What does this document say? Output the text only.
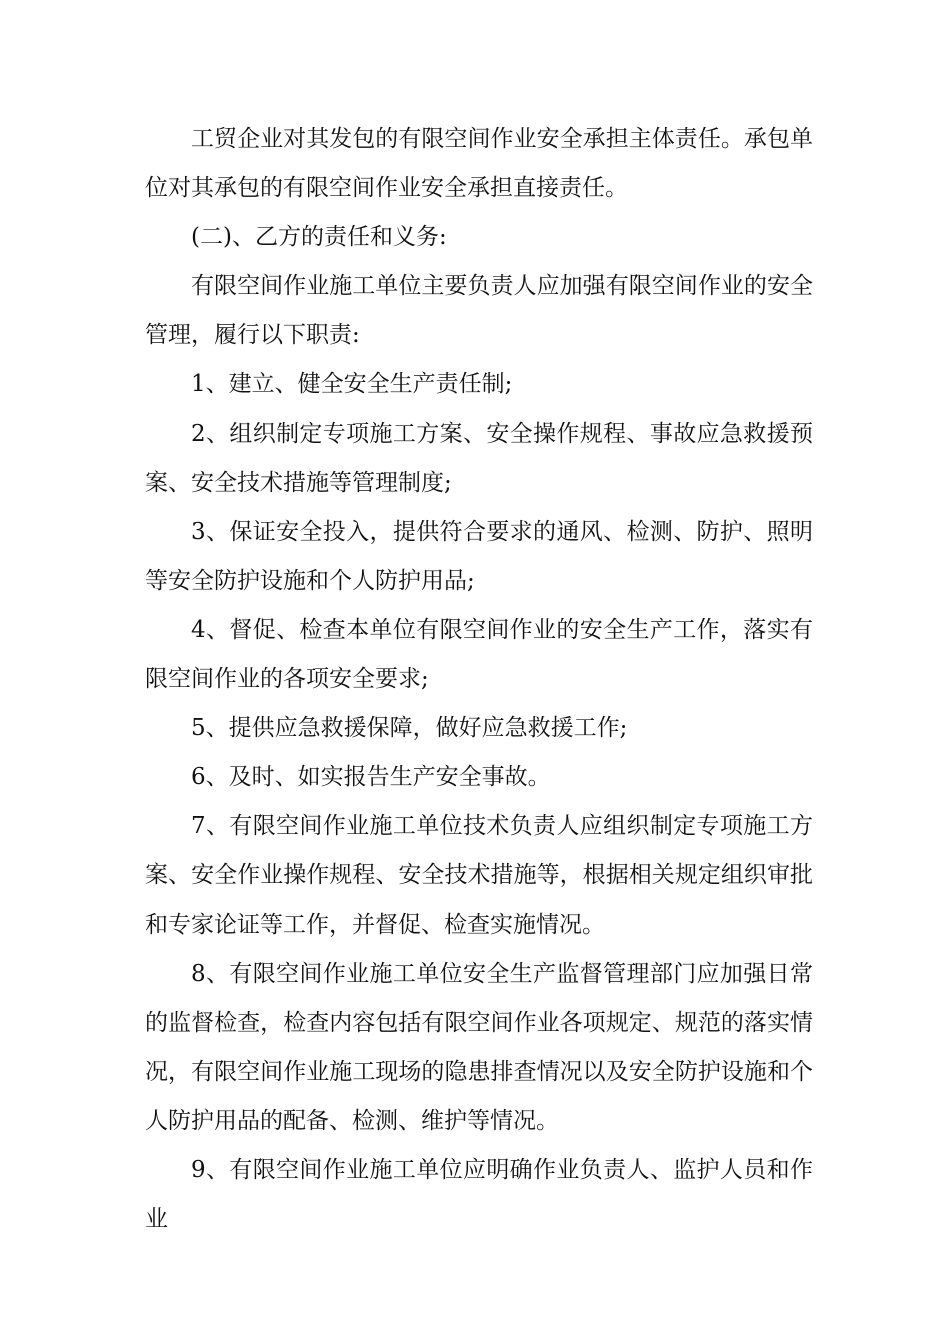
工贸企业对其发包的有限空间作业安全承担主体责任。承包单位对其承包的有限空间作业安全承担直接责任。

(二)、乙方的责任和义务:

有限空间作业施工单位主要负责人应加强有限空间作业的安全管理，履行以下职责:

1、建立、健全安全生产责任制;

2、组织制定专项施工方案、安全操作规程、事故应急救援预案、安全技术措施等管理制度;

3、保证安全投入，提供符合要求的通风、检测、防护、照明等安全防护设施和个人防护用品;

4、督促、检查本单位有限空间作业的安全生产工作，落实有限空间作业的各项安全要求;

5、提供应急救援保障，做好应急救援工作;

6、及时、如实报告生产安全事故。

7、有限空间作业施工单位技术负责人应组织制定专项施工方案、安全作业操作规程、安全技术措施等，根据相关规定组织审批和专家论证等工作，并督促、检查实施情况。

8、有限空间作业施工单位安全生产监督管理部门应加强日常的监督检查，检查内容包括有限空间作业各项规定、规范的落实情况，有限空间作业施工现场的隐患排查情况以及安全防护设施和个人防护用品的配备、检测、维护等情况。

9、有限空间作业施工单位应明确作业负责人、监护人员和作业
